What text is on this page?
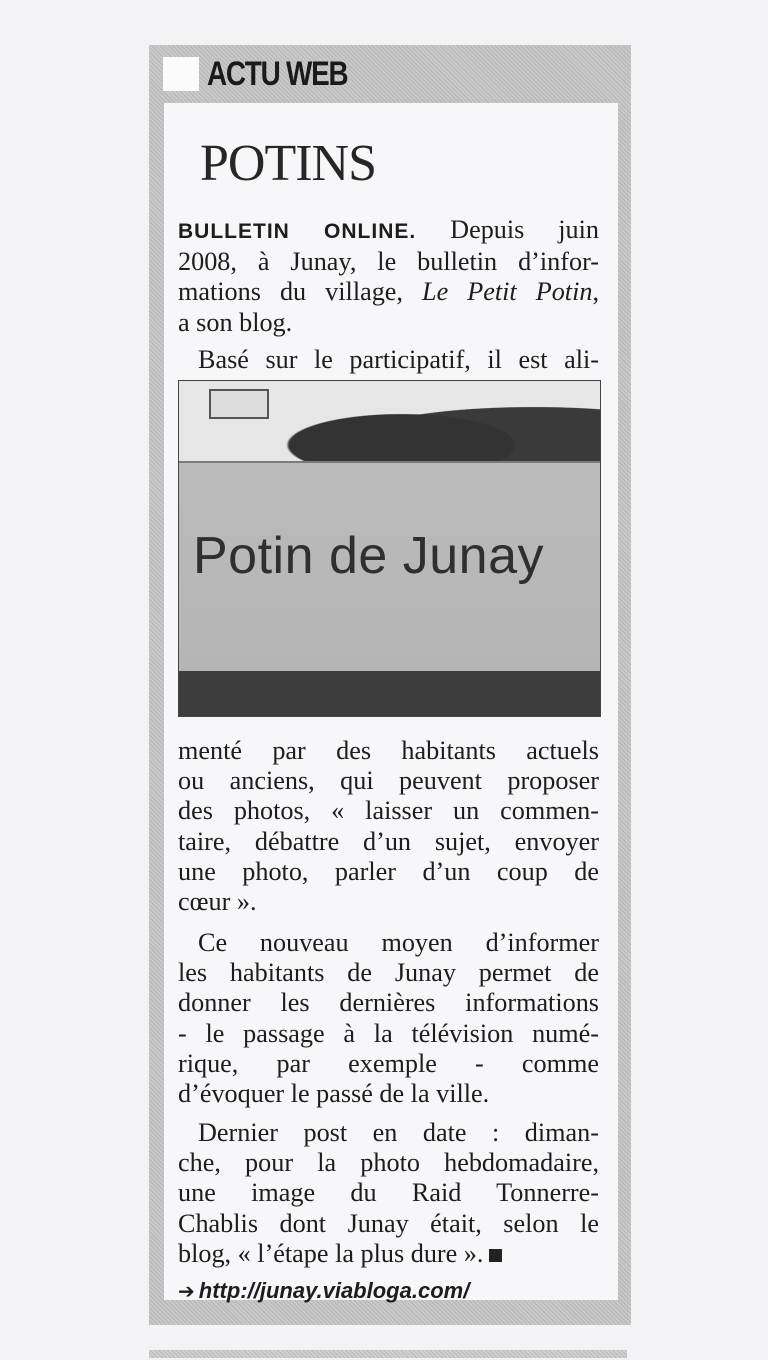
ACTU WEB
POTINS
BULLETIN ONLINE. Depuis juin
2008, à Junay, le bulletin d’infor-
mations du village, Le Petit Potin,
a son blog.
Basé sur le participatif, il est ali-
Potin de Junay
menté par des habitants actuels
ou anciens, qui peuvent proposer
des photos, « laisser un commen-
taire, débattre d’un sujet, envoyer
une photo, parler d’un coup de
cœur ».
Ce nouveau moyen d’informer
les habitants de Junay permet de
donner les dernières informations
- le passage à la télévision numé-
rique, par exemple - comme
d’évoquer le passé de la ville.
Dernier post en date : diman-
che, pour la photo hebdomadaire,
une image du Raid Tonnerre-
Chablis dont Junay était, selon le
blog, « l’étape la plus dure ».
➔ http://junay.viabloga.com/
